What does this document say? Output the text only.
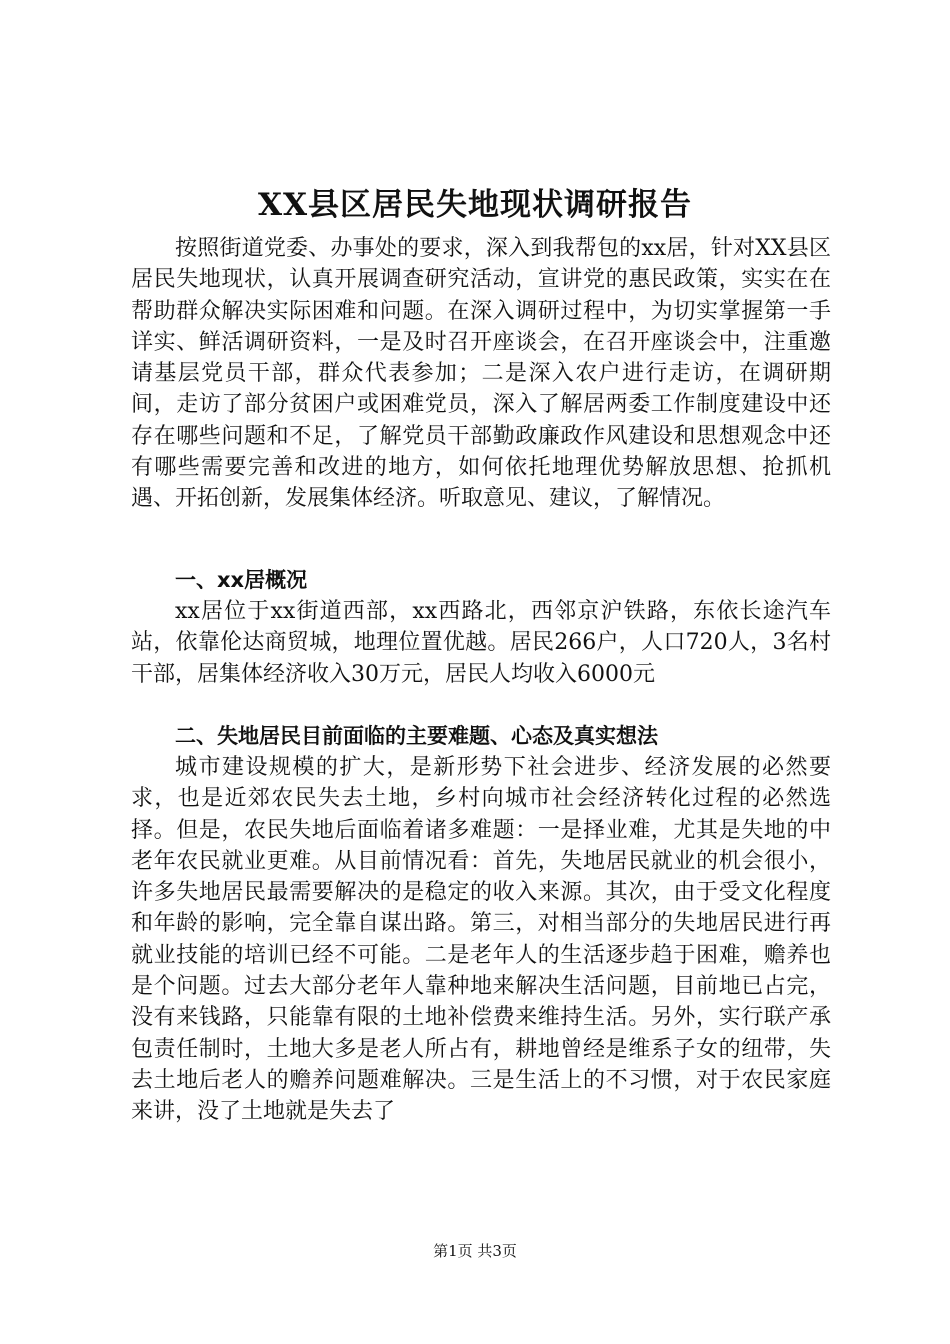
XX县区居民失地现状调研报告

按照街道党委、办事处的要求，深入到我帮包的xx居，针对XX县区居民失地现状，认真开展调查研究活动，宣讲党的惠民政策，实实在在帮助群众解决实际困难和问题。在深入调研过程中，为切实掌握第一手详实、鲜活调研资料，一是及时召开座谈会，在召开座谈会中，注重邀请基层党员干部，群众代表参加；二是深入农户进行走访，在调研期间，走访了部分贫困户或困难党员，深入了解居两委工作制度建设中还存在哪些问题和不足，了解党员干部勤政廉政作风建设和思想观念中还有哪些需要完善和改进的地方，如何依托地理优势解放思想、抢抓机遇、开拓创新，发展集体经济。听取意见、建议，了解情况。

一、xx居概况

xx居位于xx街道西部，xx西路北，西邻京沪铁路，东依长途汽车站，依靠伦达商贸城，地理位置优越。居民266户，人口720人，3名村干部，居集体经济收入30万元，居民人均收入6000元

二、失地居民目前面临的主要难题、心态及真实想法

城市建设规模的扩大，是新形势下社会进步、经济发展的必然要求，也是近郊农民失去土地，乡村向城市社会经济转化过程的必然选择。但是，农民失地后面临着诸多难题：一是择业难，尤其是失地的中老年农民就业更难。从目前情况看：首先，失地居民就业的机会很小，许多失地居民最需要解决的是稳定的收入来源。其次，由于受文化程度和年龄的影响，完全靠自谋出路。第三，对相当部分的失地居民进行再就业技能的培训已经不可能。二是老年人的生活逐步趋于困难，赡养也是个问题。过去大部分老年人靠种地来解决生活问题，目前地已占完，没有来钱路，只能靠有限的土地补偿费来维持生活。另外，实行联产承包责任制时，土地大多是老人所占有，耕地曾经是维系子女的纽带，失去土地后老人的赡养问题难解决。三是生活上的不习惯，对于农民家庭来讲，没了土地就是失去了

第1页 共3页
